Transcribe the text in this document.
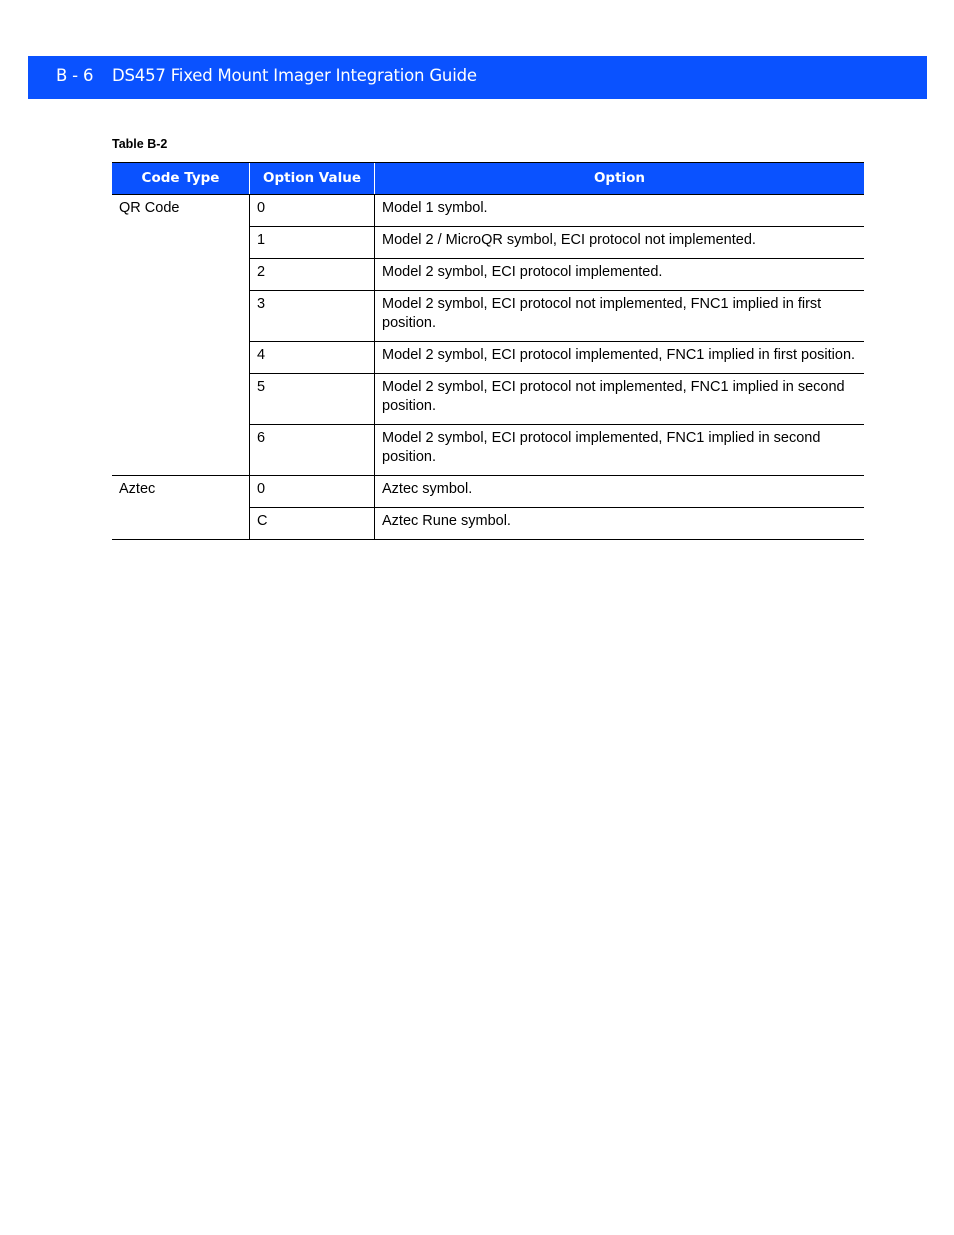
B - 6 DS457 Fixed Mount Imager Integration Guide
Table B-2
Code Type	Option Value	Option
QR Code	0	Model 1 symbol.
	1	Model 2 / MicroQR symbol, ECI protocol not implemented.
	2	Model 2 symbol, ECI protocol implemented.
	3	Model 2 symbol, ECI protocol not implemented, FNC1 implied in first position.
	4	Model 2 symbol, ECI protocol implemented, FNC1 implied in first position.
	5	Model 2 symbol, ECI protocol not implemented, FNC1 implied in second position.
	6	Model 2 symbol, ECI protocol implemented, FNC1 implied in second position.
Aztec	0	Aztec symbol.
	C	Aztec Rune symbol.
